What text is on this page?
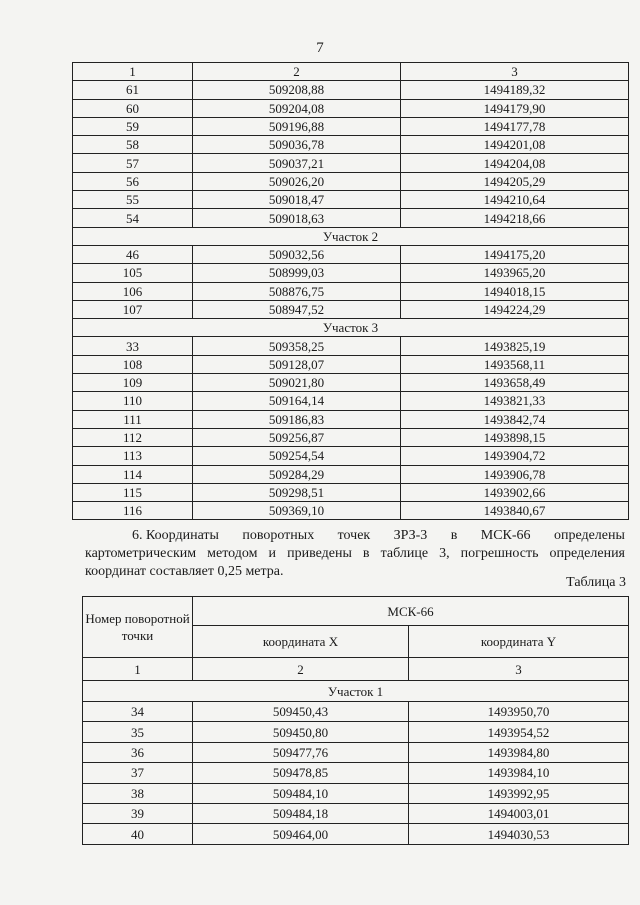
7
1	2	3
61	509208,88	1494189,32
60	509204,08	1494179,90
59	509196,88	1494177,78
58	509036,78	1494201,08
57	509037,21	1494204,08
56	509026,20	1494205,29
55	509018,47	1494210,64
54	509018,63	1494218,66
Участок 2		
46	509032,56	1494175,20
105	508999,03	1493965,20
106	508876,75	1494018,15
107	508947,52	1494224,29
Участок 3		
33	509358,25	1493825,19
108	509128,07	1493568,11
109	509021,80	1493658,49
110	509164,14	1493821,33
111	509186,83	1493842,74
112	509256,87	1493898,15
113	509254,54	1493904,72
114	509284,29	1493906,78
115	509298,51	1493902,66
116	509369,10	1493840,67
6. Координаты поворотных точек ЗРЗ-3 в МСК-66 определены
картометрическим методом и приведены в таблице 3, погрешность определения
координат составляет 0,25 метра.
Таблица 3
Номер поворотной точки	МСК-66	
	координата X	координата Y
1	2	3
Участок 1		
34	509450,43	1493950,70
35	509450,80	1493954,52
36	509477,76	1493984,80
37	509478,85	1493984,10
38	509484,10	1493992,95
39	509484,18	1494003,01
40	509464,00	1494030,53
